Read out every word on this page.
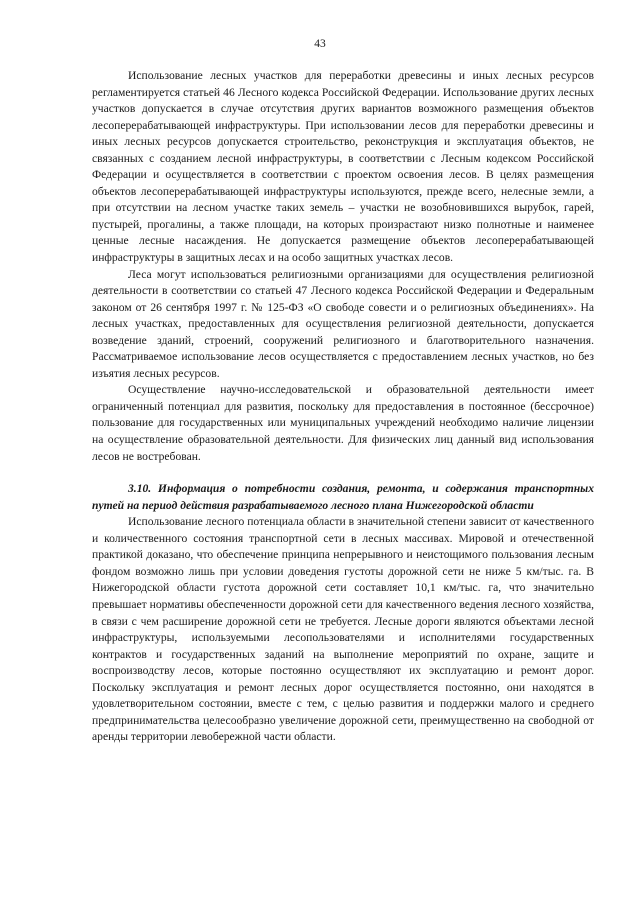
43

Использование лесных участков для переработки древесины и иных лесных ресурсов регламентируется статьей 46 Лесного кодекса Российской Федерации. Использование других лесных участков допускается в случае отсутствия других вариантов возможного размещения объектов лесоперерабатывающей инфраструктуры. При использовании лесов для переработки древесины и иных лесных ресурсов допускается строительство, реконструкция и эксплуатация объектов, не связанных с созданием лесной инфраструктуры, в соответствии с Лесным кодексом Российской Федерации и осуществляется в соответствии с проектом освоения лесов. В целях размещения объектов лесоперерабатывающей инфраструктуры используются, прежде всего, нелесные земли, а при отсутствии на лесном участке таких земель – участки не возобновившихся вырубок, гарей, пустырей, прогалины, а также площади, на которых произрастают низко полнотные и наименее ценные лесные насаждения. Не допускается размещение объектов лесоперерабатывающей инфраструктуры в защитных лесах и на особо защитных участках лесов.

Леса могут использоваться религиозными организациями для осуществления религиозной деятельности в соответствии со статьей 47 Лесного кодекса Российской Федерации и Федеральным законом от 26 сентября 1997 г. № 125-ФЗ «О свободе совести и о религиозных объединениях». На лесных участках, предоставленных для осуществления религиозной деятельности, допускается возведение зданий, строений, сооружений религиозного и благотворительного назначения. Рассматриваемое использование лесов осуществляется с предоставлением лесных участков, но без изъятия лесных ресурсов.

Осуществление научно-исследовательской и образовательной деятельности имеет ограниченный потенциал для развития, поскольку для предоставления в постоянное (бессрочное) пользование для государственных или муниципальных учреждений необходимо наличие лицензии на осуществление образовательной деятельности. Для физических лиц данный вид использования лесов не востребован.

3.10. Информация о потребности создания, ремонта, и содержания транспортных путей на период действия разрабатываемого лесного плана Нижегородской области

Использование лесного потенциала области в значительной степени зависит от качественного и количественного состояния транспортной сети в лесных массивах. Мировой и отечественной практикой доказано, что обеспечение принципа непрерывного и неистощимого пользования лесным фондом возможно лишь при условии доведения густоты дорожной сети не ниже 5 км/тыс. га. В Нижегородской области густота дорожной сети составляет 10,1 км/тыс. га, что значительно превышает нормативы обеспеченности дорожной сети для качественного ведения лесного хозяйства, в связи с чем расширение дорожной сети не требуется. Лесные дороги являются объектами лесной инфраструктуры, используемыми лесопользователями и исполнителями государственных контрактов и государственных заданий на выполнение мероприятий по охране, защите и воспроизводству лесов, которые постоянно осуществляют их эксплуатацию и ремонт дорог. Поскольку эксплуатация и ремонт лесных дорог осуществляется постоянно, они находятся в удовлетворительном состоянии, вместе с тем, с целью развития и поддержки малого и среднего предпринимательства целесообразно увеличение дорожной сети, преимущественно на свободной от аренды территории левобережной части области.
